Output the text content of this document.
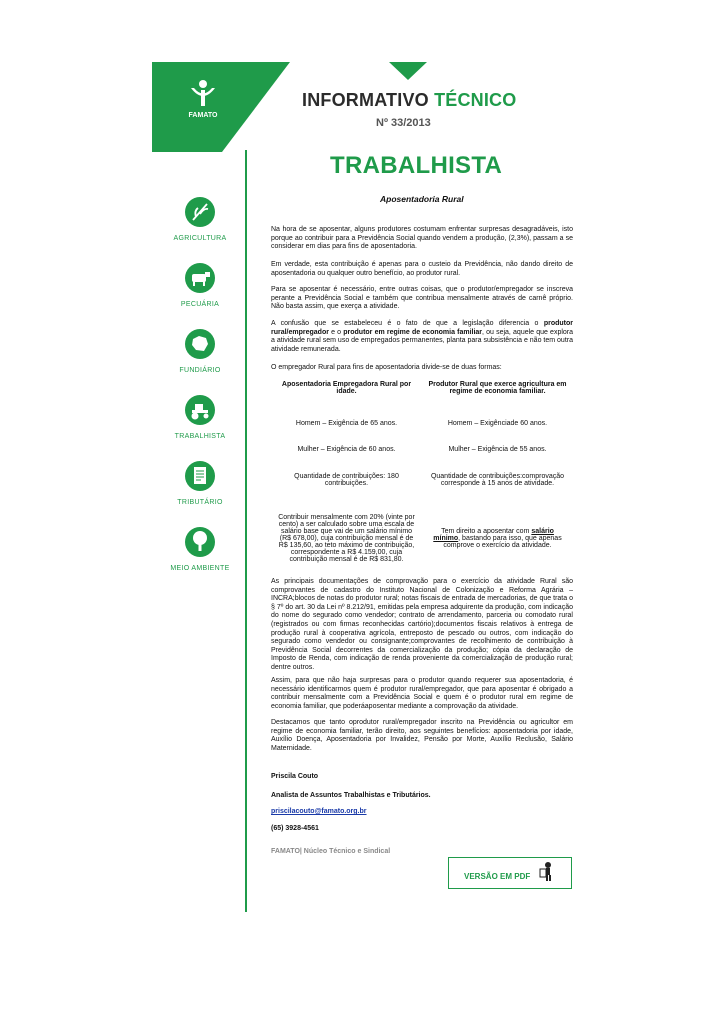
FAMATO
INFORMATIVO TÉCNICO
Nº 33/2013
TRABALHISTA
Aposentadoria Rural
AGRICULTURA
PECUÁRIA
FUNDIÁRIO
TRABALHISTA
TRIBUTÁRIO
MEIO AMBIENTE
Na hora de se aposentar, alguns produtores costumam enfrentar surpresas desagradáveis, isto porque ao contribuir para a Previdência Social quando vendem a produção, (2,3%), passam a se considerar em dias para fins de aposentadoria.
Em verdade, esta contribuição é apenas para o custeio da Previdência, não dando direito de aposentadoria ou qualquer outro benefício, ao produtor rural.
Para se aposentar é necessário, entre outras coisas, que o produtor/empregador se inscreva perante a Previdência Social e também que contribua mensalmente através de carnê próprio. Não basta assim, que exerça a atividade.
A confusão que se estabeleceu é o fato de que a legislação diferencia o produtor rural/empregador e o produtor em regime de economia familiar, ou seja, aquele que explora a atividade rural sem uso de empregados permanentes, planta para subsistência e não tem outra atividade remunerada.
O empregador Rural para fins de aposentadoria divide-se de duas formas:
Aposentadoria Empregadora Rural por idade.	Produtor Rural que exerce agricultura em regime de economia familiar.
Homem – Exigência de 65 anos.	Homem – Exigênciade 60 anos.
Mulher – Exigência de 60 anos.	Mulher – Exigência de 55 anos.
Quantidade de contribuições: 180 contribuições.	Quantidade de contribuições:comprovação corresponde à 15 anos de atividade.
Contribuir mensalmente com 20% (vinte por cento) a ser calculado sobre uma escala de salário base que vai de um salário mínimo (R$ 678,00), cuja contribuição mensal é de R$ 135,60, ao teto máximo de contribuição, correspondente a R$ 4.159,00, cuja contribuição mensal é de R$ 831,80.	Tem direito a aposentar com salário mínimo, bastando para isso, que apenas comprove o exercício da atividade.
As principais documentações de comprovação para o exercício da atividade Rural são comprovantes de cadastro do Instituto Nacional de Colonização e Reforma Agrária – INCRA;blocos de notas do produtor rural; notas fiscais de entrada de mercadorias, de que trata o § 7º do art. 30 da Lei nº 8.212/91, emitidas pela empresa adquirente da produção, com indicação do nome do segurado como vendedor; contrato de arrendamento, parceria ou comodato rural (registrados ou com firmas reconhecidas cartório);documentos fiscais relativos à entrega de produção rural à cooperativa agrícola, entreposto de pescado ou outros, com indicação do segurado como vendedor ou consignante;comprovantes de recolhimento de contribuição à Previdência Social decorrentes da comercialização da produção; cópia da declaração de Imposto de Renda, com indicação de renda proveniente da comercialização de produção rural; dentre outros.
Assim, para que não haja surpresas para o produtor quando requerer sua aposentadoria, é necessário identificarmos quem é produtor rural/empregador, que para aposentar é obrigado a contribuir mensalmente com a Previdência Social e quem é o produtor rural em regime de economia familiar, que poderáaposentar mediante a comprovação da atividade.
Destacamos que tanto oprodutor rural/empregador inscrito na Previdência ou agricultor em regime de economia familiar, terão direito, aos seguintes benefícios: aposentadoria por idade, Auxílio Doença, Aposentadoria por Invalidez, Pensão por Morte, Auxílio Reclusão, Salário Maternidade.
Priscila Couto
Analista de Assuntos Trabalhistas e Tributários.
priscilacouto@famato.org.br
(65) 3928-4561
FAMATO| Núcleo Técnico e Sindical
VERSÃO EM PDF
